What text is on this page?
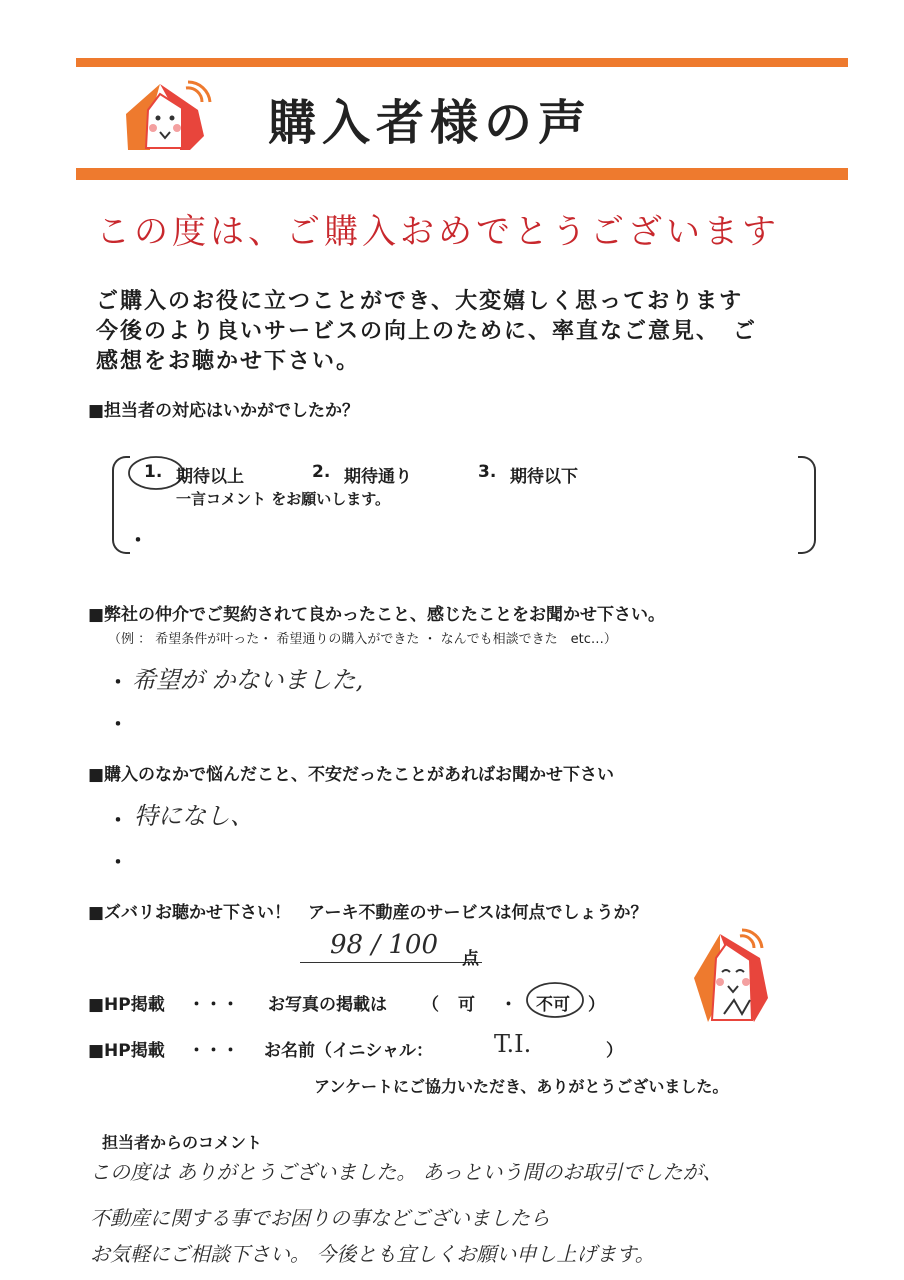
購入者様の声
この度は、ご購入おめでとうございます
ご購入のお役に立つことができ、大変嬉しく思っております
今後のより良いサービスの向上のために、率直なご意見、　ご
感想をお聴かせ下さい。
■担当者の対応はいかがでしたか？
1. 期待以上	2. 期待通り	3. 期待以下
一言コメント をお願いします。
・
■弊社の仲介でご契約されて良かったこと、感じたことをお聞かせ下さい。
（例 ： 希望条件が叶った・ 希望通りの購入ができた ・ なんでも相談できた　etc…）
・ 希望が かないました,
・
■購入のなかで悩んだこと、不安だったことがあればお聞かせ下さい
・ 特になし、
・
■ズバリお聴かせ下さい！　アーキ不動産のサービスは何点でしょうか？
98 / 100 点
■HP掲載 ・・・ お写真の掲載は （ 可 ・ 不可 ）
■HP掲載 ・・・ お名前（イニシャル：	T.I.	）
アンケートにご協力いただき、ありがとうございました。
担当者からのコメント
この度は ありがとうございました。 あっという間のお取引でしたが、
不動産に関する事でお困りの事などございましたら
お気軽にご相談下さい。 今後とも宜しくお願い申し上げます。
